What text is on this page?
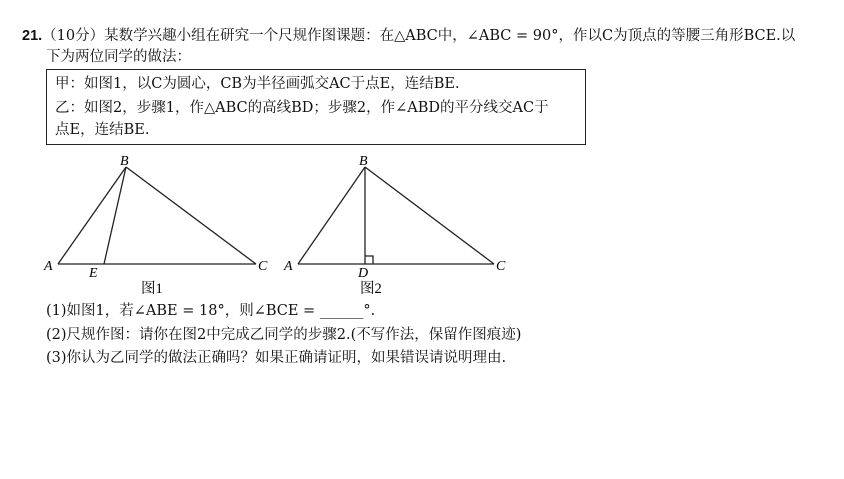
21.（10分）某数学兴趣小组在研究一个尺规作图课题：在△ABC中，∠ABC = 90°，作以C为顶点的等腰三角形BCE.以
下为两位同学的做法：
甲：如图1，以C为圆心，CB为半径画弧交AC于点E，连结BE.
乙：如图2，步骤1，作△ABC的高线BD；步骤2，作∠ABD的平分线交AC于
点E，连结BE.
B
A	E	C
图1
B
A	D	C
图2
(1)如图1，若∠ABE = 18°，则∠BCE = ______°.
(2)尺规作图：请你在图2中完成乙同学的步骤2.(不写作法，保留作图痕迹)
(3)你认为乙同学的做法正确吗？如果正确请证明，如果错误请说明理由.
